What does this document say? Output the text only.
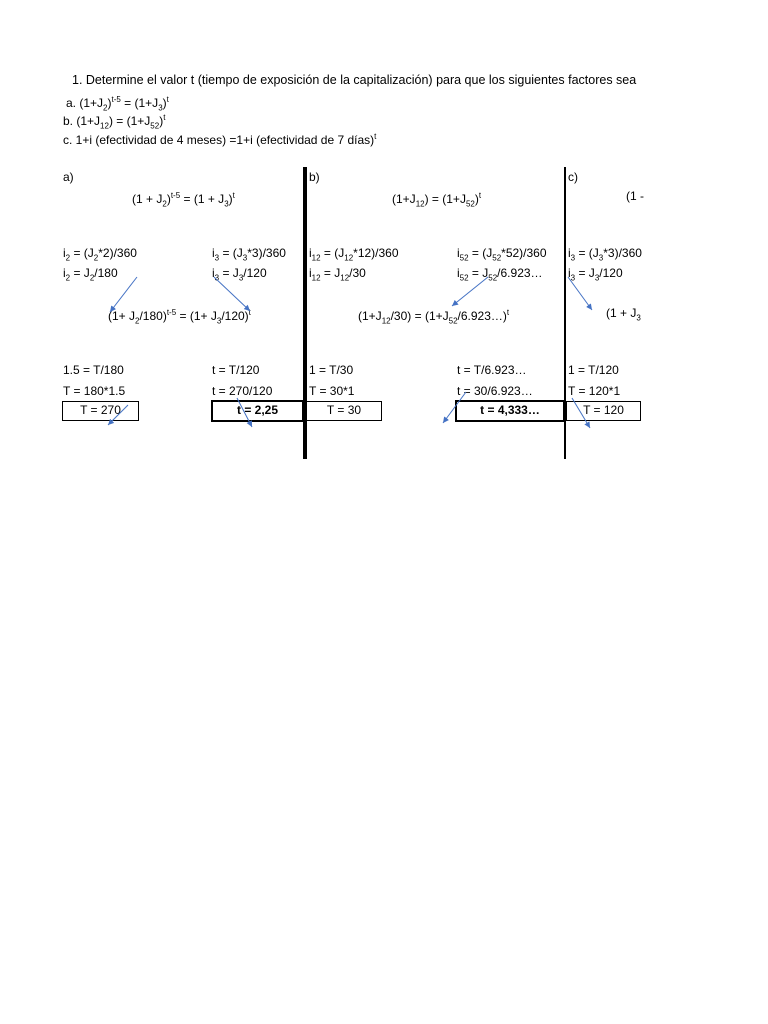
1. Determine el valor t (tiempo de exposición de la capitalización) para que los siguientes factores sea
a. $(1+J_2)^{t-5} = (1+J_3)^t$
b. $(1+J_{12}) = (1+J_{52})^t$
c. 1+i (efectividad de 4 meses) =1+i (efectividad de 7 días)$^t$
a)
$(1 + J_2)^{t-5} = (1 + J_3)^t$
$i_2 = (J_2*2)/360$
$i_2 = J_2/180$
$i_3 = (J_3*3)/360$
$i_3 = J_3/120$
$(1+ J_2/180)^{t-5} = (1+ J_3/120)^t$
1.5 = T/180
T = 180*1.5
T = 270
t = T/120
t = 270/120
t = 2,25
b)
$(1+J_{12}) = (1+J_{52})^t$
$i_{12} = (J_{12}*12)/360$
$i_{12} = J_{12}/30$
$i_{52} = (J_{52}*52)/360$
$i_{52}$ = $J_{52}/6.923\dots$
$(1+J_{12}/30)$ = $(1+J_{52}/6.923\dots)^t$
1 = T/30
T = 30*1
T = 30
t = T/6.923…
t = 30/6.923…
t = 4,333…
c)
(1 -
$i_3 = (J_3*3)/360$
$i_3 = J_3/120$
($1 + J_3$
1 = T/120
T = 120*1
T = 120
